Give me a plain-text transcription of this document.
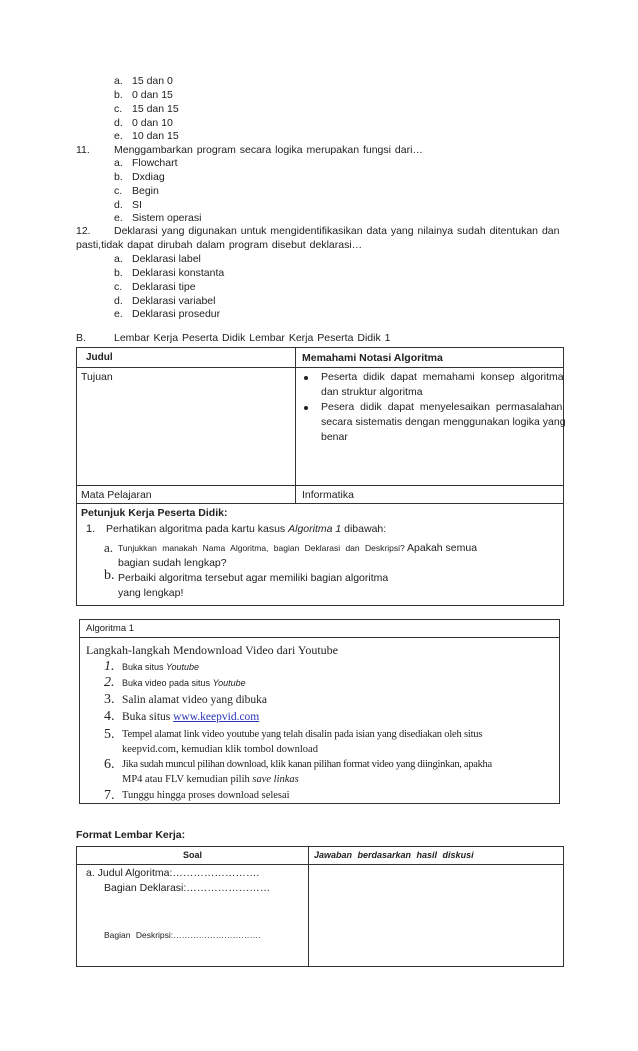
a. 15 dan 0
b. 0 dan 15
c. 15 dan 15
d. 0 dan 10
e. 10 dan 15
11. Menggambarkan program secara logika merupakan fungsi dari…
a. Flowchart
b. Dxdiag
c. Begin
d. SI
e. Sistem operasi
12. Deklarasi yang digunakan untuk mengidentifikasikan data yang nilainya sudah ditentukan dan
pasti,tidak dapat dirubah dalam program disebut deklarasi…
a. Deklarasi label
b. Deklarasi konstanta
c. Deklarasi tipe
d. Deklarasi variabel
e. Deklarasi prosedur
B.	Lembar Kerja Peserta Didik Lembar Kerja Peserta Didik 1
Judul	Memahami Notasi Algoritma
Tujuan	Peserta didik dapat memahami konsep algoritma
dan struktur algoritma
Pesera didik dapat menyelesaikan permasalahan
secara sistematis dengan menggunakan logika yang
benar
Mata Pelajaran	Informatika
Petunjuk Kerja Peserta Didik:
1. Perhatikan algoritma pada kartu kasus Algoritma 1 dibawah:
a. Tunjukkan manakah Nama Algoritma, bagian Deklarasi dan Deskripsi? Apakah semua
bagian sudah lengkap?
b. Perbaiki algoritma tersebut agar memiliki bagian algoritma
yang lengkap!
Algoritma 1
Langkah-langkah Mendownload Video dari Youtube
1. Buka situs Youtube
2. Buka video pada situs Youtube
3. Salin alamat video yang dibuka
4. Buka situs www.keepvid.com
5. Tempel alamat link video youtube yang telah disalin pada isian yang disediakan oleh situs
keepvid.com, kemudian klik tombol download
6. Jika sudah muncul pilihan download, klik kanan pilihan format video yang diinginkan, apakha
MP4 atau FLV kemudian pilih save linkas
7. Tunggu hingga proses download selesai
Format Lembar Kerja:
Soal	Jawaban berdasarkan hasil diskusi
a. Judul Algoritma:…………………….
Bagian Deklarasi:……………………
Bagian Deskripsi:………………………….
